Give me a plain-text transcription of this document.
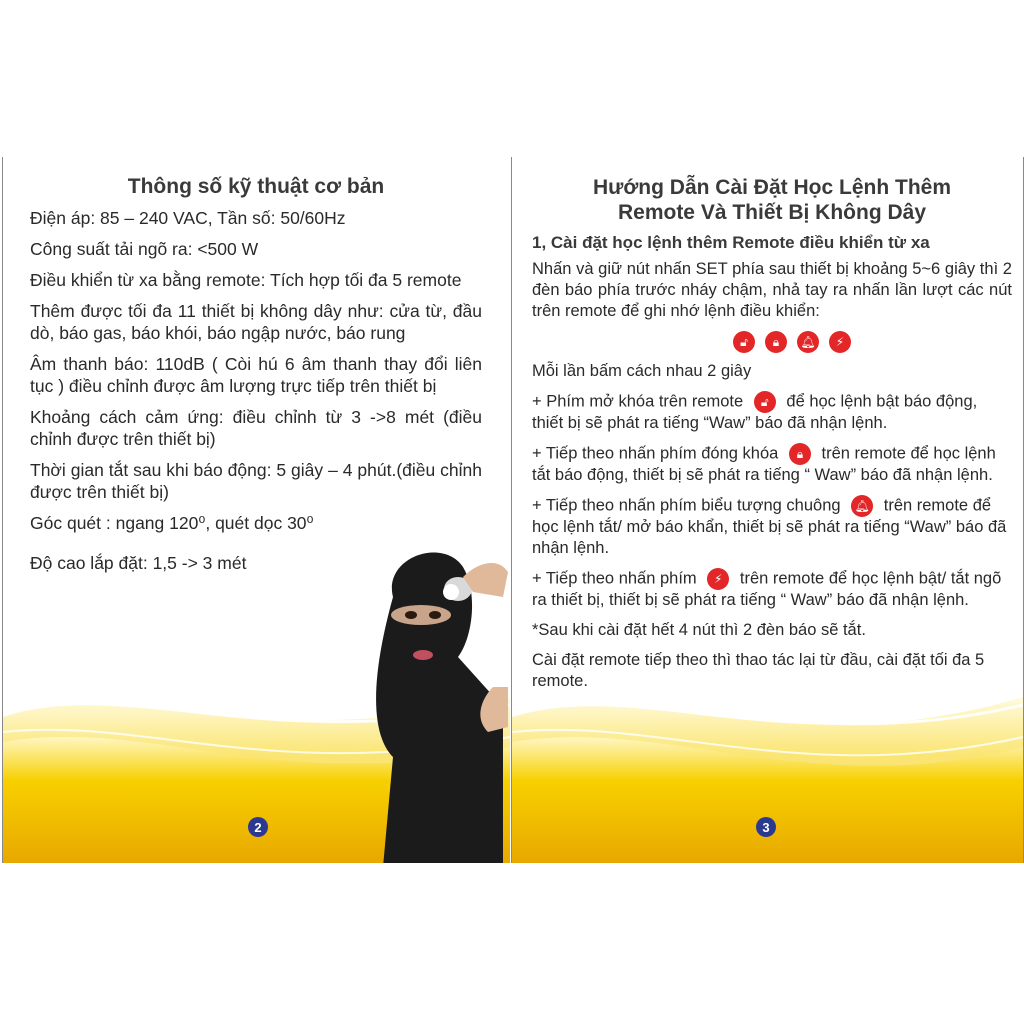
Thông số kỹ thuật cơ bản

Điện áp: 85 – 240 VAC, Tần số: 50/60Hz

Công suất tải ngõ ra: <500 W

Điều khiển từ xa bằng remote: Tích hợp tối đa 5 remote

Thêm được tối đa 11 thiết bị không dây như: cửa từ, đầu dò, báo gas, báo khói, báo ngập nước, báo rung

Âm thanh báo: 110dB ( Còi hú 6 âm thanh thay đổi liên tục ) điều chỉnh được âm lượng trực tiếp trên thiết bị

Khoảng cách cảm ứng: điều chỉnh từ 3 ->8 mét (điều chỉnh được trên thiết bị)

Thời gian tắt sau khi báo động: 5 giây – 4 phút.(điều chỉnh được trên thiết bị)

Góc quét : ngang 120⁰, quét dọc 30⁰

Độ cao lắp đặt: 1,5 -> 3 mét

2
Hướng Dẫn Cài Đặt Học Lệnh Thêm
Remote Và Thiết Bị Không Dây
1, Cài đặt học lệnh thêm Remote điều khiển từ xa

Nhấn và giữ nút nhấn SET phía sau thiết bị khoảng 5~6 giây thì 2 đèn báo phía trước nháy chậm, nhả tay ra nhấn lần lượt các nút trên remote để ghi nhớ lệnh điều khiển:

🔓︎	🔒︎	🔔︎	⚡︎

Mỗi lần bấm cách nhau 2 giây

+ Phím mở khóa trên remote 🔓︎ để học lệnh bật báo động, thiết bị sẽ phát ra tiếng “Waw” báo đã nhận lệnh.

+ Tiếp theo nhấn phím đóng khóa 🔒︎ trên remote để học lệnh tắt báo động, thiết bị sẽ phát ra tiếng “ Waw” báo đã nhận lệnh.

+ Tiếp theo nhấn phím biểu tượng chuông 🔔︎ trên remote để học lệnh tắt/ mở báo khẩn, thiết bị sẽ phát ra tiếng “Waw” báo đã nhận lệnh.

+ Tiếp theo nhấn phím ⚡︎ trên remote để học lệnh bật/ tắt ngõ ra thiết bị, thiết bị sẽ phát ra tiếng “ Waw” báo đã nhận lệnh.

*Sau khi cài đặt hết 4 nút thì 2 đèn báo sẽ tắt.

Cài đặt remote tiếp theo thì thao tác lại từ đầu, cài đặt tối đa 5 remote.

3
